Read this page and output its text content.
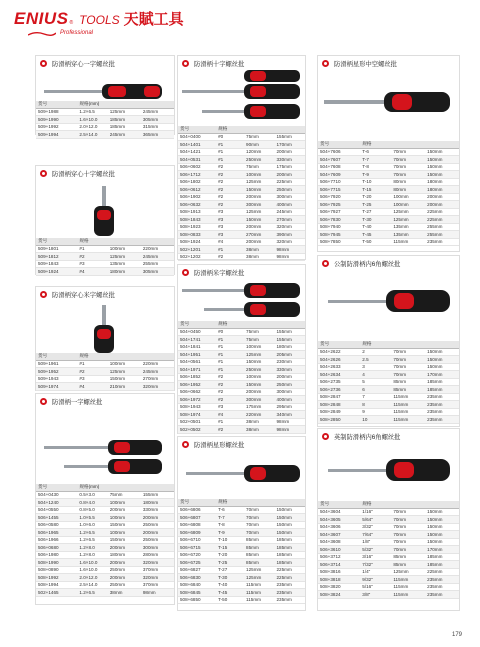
ENIUS ® TOOLS 天賦工具
Professional
防滑柄穿心一字螺丝批
货号	规格(mm)		
509+1988	1.2×6.5	125mm	245mm
509+1990	1.6×10.0	185mm	305mm
509+1992	2.0×12.0	185mm	315mm
509+1994	2.5×14.0	245mm	365mm
防滑柄穿心十字螺丝批
货号	规格		
509+1801	#1	100mm	220mm
509+1812	#2	125mm	245mm
509+1843	#3	135mm	255mm
509+1924	#4	180mm	305mm
防滑柄穿心米字螺丝批
货号	规格		
509+1961	#1	100mm	220mm
509+1952	#2	125mm	245mm
509+1943	#3	150mm	270mm
509+1974	#4	210mm	320mm
防滑柄一字螺丝批
货号	规格(mm)		
504+0430	0.5×3.0	75mm	155mm
504+1240	0.8×4.0	100mm	180mm
504+0550	0.8×5.0	200mm	330mm
506+1455	1.0×5.5	100mm	200mm
506+0580	1.0×6.0	150mm	250mm
506+1965	1.2×6.5	100mm	200mm
506+1966	1.2×6.5	150mm	250mm
506+0680	1.2×8.0	200mm	300mm
506+1980	1.2×8.0	180mm	280mm
508+1990	1.6×10.0	200mm	320mm
508+0890	1.6×10.0	250mm	370mm
508+1992	2.0×12.0	200mm	320mm
508+1994	2.5×14.0	250mm	370mm
502+1465	1.2×6.5	38mm	98mm
防滑柄十字螺丝批
货号	规格		
504+0400	#0	75mm	155mm
504+1401	#1	90mm	170mm
504+1421	#1	120mm	200mm
504+0531	#1	250mm	330mm
506+0602	#2	75mm	175mm
506+1712	#2	100mm	200mm
506+1802	#2	125mm	225mm
506+0612	#2	150mm	250mm
506+1902	#2	200mm	300mm
506+0632	#2	300mm	400mm
508+1913	#3	125mm	245mm
508+1843	#3	150mm	270mm
508+1923	#3	200mm	320mm
508+0833	#3	270mm	390mm
508+1924	#4	200mm	320mm
502+1201	#1	38mm	98mm
502+1202	#2	38mm	98mm
防滑柄米字螺丝批
货号	规格		
504+0450	#0	75mm	155mm
504+1741	#1	75mm	155mm
504+1841	#1	100mm	180mm
504+1951	#1	125mm	205mm
504+0561	#1	150mm	230mm
504+1971	#1	250mm	330mm
506+1852	#2	100mm	200mm
506+1952	#2	150mm	250mm
506+0662	#2	200mm	300mm
506+1972	#2	300mm	400mm
508+1943	#3	175mm	295mm
508+1974	#4	220mm	340mm
502+0501	#1	38mm	98mm
502+0502	#2	38mm	98mm
防滑柄星形螺丝批
货号	规格		
506+6806	T-6	70mm	150mm
506+6807	T-7	70mm	150mm
506+6808	T-8	70mm	150mm
506+6809	T-9	70mm	150mm
506+6710	T-10	85mm	185mm
506+6715	T-15	85mm	185mm
506+6720	T-20	85mm	185mm
506+6725	T-25	85mm	185mm
506+6827	T-27	125mm	225mm
506+6830	T-30	125mm	225mm
508+6840	T-40	115mm	235mm
508+6845	T-45	115mm	235mm
508+6850	T-50	115mm	235mm
防滑柄星形中空螺丝批
货号	规格		
504+7606	T-6	70mm	150mm
504+7607	T-7	70mm	150mm
504+7608	T-8	70mm	150mm
504+7609	T-9	70mm	150mm
506+7710	T-10	80mm	180mm
506+7715	T-15	80mm	180mm
506+7920	T-20	100mm	200mm
506+7925	T-25	100mm	200mm
506+7927	T-27	125mm	225mm
506+7830	T-30	125mm	225mm
508+7940	T-40	135mm	255mm
508+7945	T-45	135mm	255mm
508+7850	T-50	115mm	235mm
公制防滑柄内6角螺丝批
货号	规格		
504+2622	2	70mm	150mm
504+2626	2.5	70mm	150mm
504+2633	3	70mm	150mm
504+2634	4	70mm	170mm
506+2735	5	85mm	185mm
506+2736	6	85mm	185mm
508+2847	7	115mm	235mm
508+2848	8	115mm	235mm
508+2849	9	115mm	235mm
508+2850	10	115mm	235mm
英制防滑柄内6角螺丝批
货号	规格		
504+3604	1/16"	70mm	150mm
504+3605	5/64"	70mm	150mm
504+3606	3/32"	70mm	150mm
504+3607	7/64"	70mm	150mm
504+3608	1/8"	70mm	150mm
506+3610	5/32"	70mm	170mm
506+3712	3/16"	85mm	185mm
506+3714	7/32"	85mm	185mm
508+3816	1/4"	125mm	225mm
508+3818	9/32"	115mm	235mm
508+3820	5/16"	115mm	235mm
508+3824	3/8"	115mm	235mm
179
